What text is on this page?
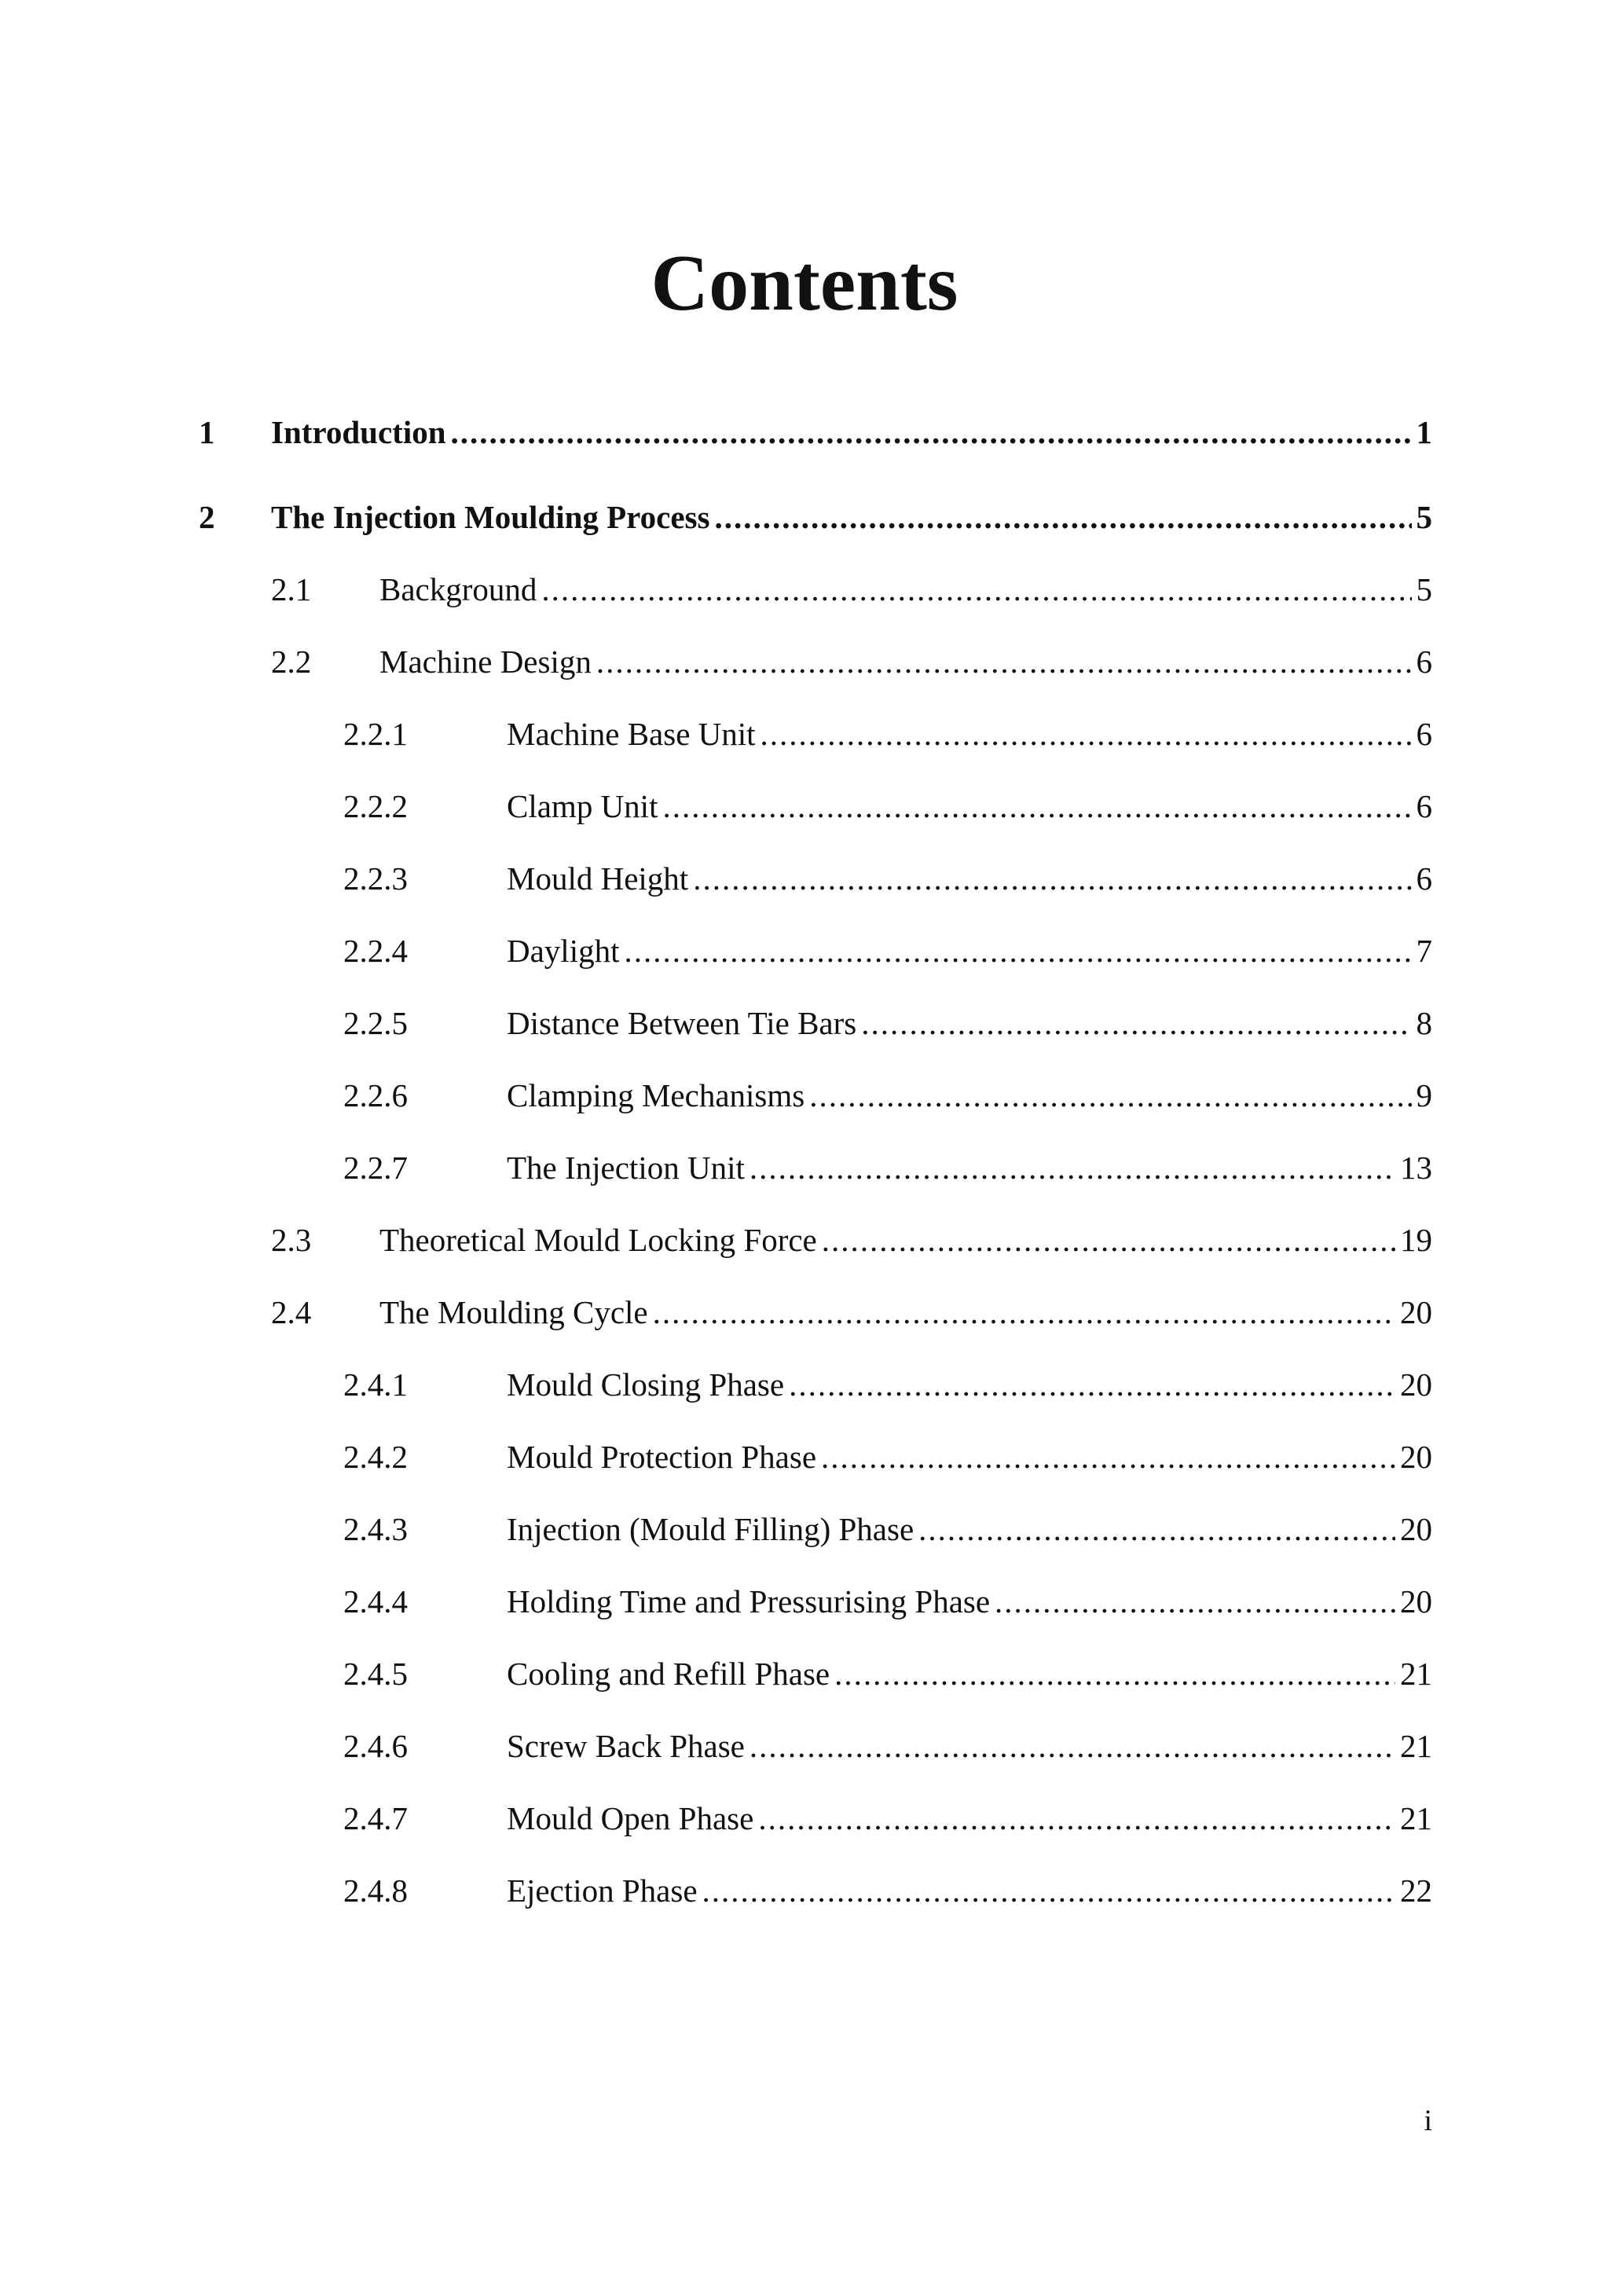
Contents
1 Introduction .....	1
2 The Injection Moulding Process .....	5
2.1 Background .....	5
2.2 Machine Design .....	6
2.2.1	Machine Base Unit .....	6
2.2.2	Clamp Unit .....	6
2.2.3	Mould Height .....	6
2.2.4	Daylight .....	7
2.2.5	Distance Between Tie Bars .....	8
2.2.6	Clamping Mechanisms .....	9
2.2.7	The Injection Unit .....	13
2.3 Theoretical Mould Locking Force .....	19
2.4 The Moulding Cycle .....	20
2.4.1	Mould Closing Phase .....	20
2.4.2	Mould Protection Phase .....	20
2.4.3	Injection (Mould Filling) Phase .....	20
2.4.4	Holding Time and Pressurising Phase .....	20
2.4.5	Cooling and Refill Phase .....	21
2.4.6	Screw Back Phase .....	21
2.4.7	Mould Open Phase .....	21
2.4.8	Ejection Phase .....	22
i
